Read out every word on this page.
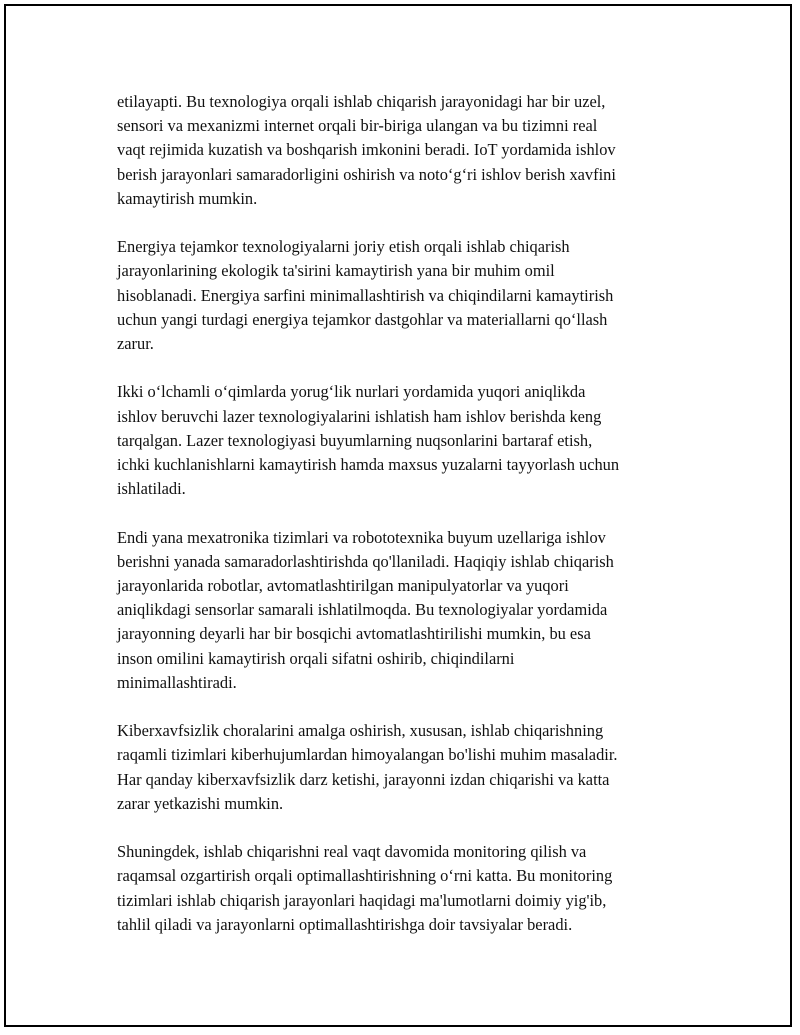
etilayapti. Bu texnologiya orqali ishlab chiqarish jarayonidagi har bir uzel,
sensori va mexanizmi internet orqali bir-biriga ulangan va bu tizimni real
vaqt rejimida kuzatish va boshqarish imkonini beradi. IoT yordamida ishlov
berish jarayonlari samaradorligini oshirish va noto‘g‘ri ishlov berish xavfini
kamaytirish mumkin.

Energiya tejamkor texnologiyalarni joriy etish orqali ishlab chiqarish
jarayonlarining ekologik ta'sirini kamaytirish yana bir muhim omil
hisoblanadi. Energiya sarfini minimallashtirish va chiqindilarni kamaytirish
uchun yangi turdagi energiya tejamkor dastgohlar va materiallarni qo‘llash
zarur.

Ikki o‘lchamli o‘qimlarda yorug‘lik nurlari yordamida yuqori aniqlikda
ishlov beruvchi lazer texnologiyalarini ishlatish ham ishlov berishda keng
tarqalgan. Lazer texnologiyasi buyumlarning nuqsonlarini bartaraf etish,
ichki kuchlanishlarni kamaytirish hamda maxsus yuzalarni tayyorlash uchun
ishlatiladi.

Endi yana mexatronika tizimlari va robototexnika buyum uzellariga ishlov
berishni yanada samaradorlashtirishda qo'llaniladi. Haqiqiy ishlab chiqarish
jarayonlarida robotlar, avtomatlashtirilgan manipulyatorlar va yuqori
aniqlikdagi sensorlar samarali ishlatilmoqda. Bu texnologiyalar yordamida
jarayonning deyarli har bir bosqichi avtomatlashtirilishi mumkin, bu esa
inson omilini kamaytirish orqali sifatni oshirib, chiqindilarni
minimallashtiradi.

Kiberxavfsizlik choralarini amalga oshirish, xususan, ishlab chiqarishning
raqamli tizimlari kiberhujumlardan himoyalangan bo'lishi muhim masaladir.
Har qanday kiberxavfsizlik darz ketishi, jarayonni izdan chiqarishi va katta
zarar yetkazishi mumkin.

Shuningdek, ishlab chiqarishni real vaqt davomida monitoring qilish va
raqamsal ozgartirish orqali optimallashtirishning o‘rni katta. Bu monitoring
tizimlari ishlab chiqarish jarayonlari haqidagi ma'lumotlarni doimiy yig'ib,
tahlil qiladi va jarayonlarni optimallashtirishga doir tavsiyalar beradi.
